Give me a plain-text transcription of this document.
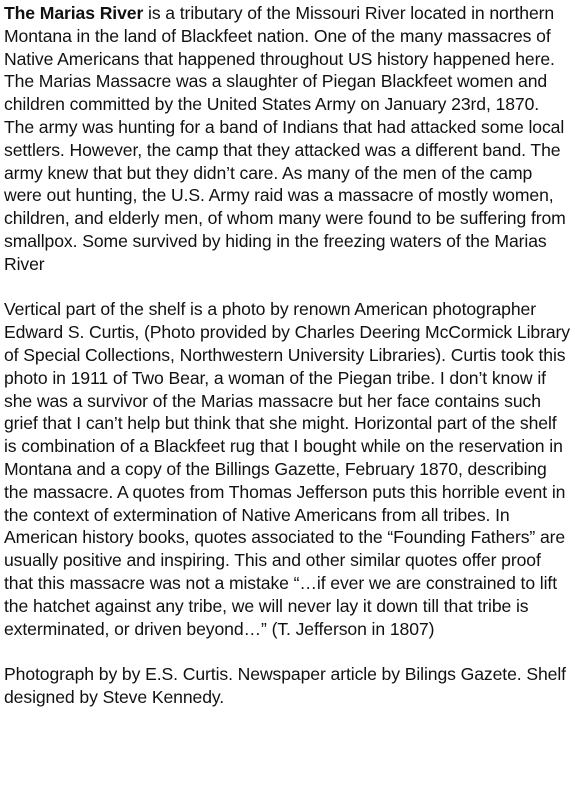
The Marias River is a tributary of the Missouri River located in northern Montana in the land of Blackfeet nation. One of the many massacres of Native Americans that happened throughout US history happened here. The Marias Massacre was a slaughter of Piegan Blackfeet women and children committed by the United States Army on January 23rd, 1870. The army was hunting for a band of Indians that had attacked some local settlers. However, the camp that they attacked was a different band. The army knew that but they didn’t care. As many of the men of the camp were out hunting, the U.S. Army raid was a massacre of mostly women, children, and elderly men, of whom many were found to be suffering from smallpox. Some survived by hiding in the freezing waters of the Marias River

Vertical part of the shelf is a photo by renown American photographer Edward S. Curtis, (Photo provided by Charles Deering McCormick Library of Special Collections, Northwestern University Libraries). Curtis took this photo in 1911 of Two Bear, a woman of the Piegan tribe. I don’t know if she was a survivor of the Marias massacre but her face contains such grief that I can’t help but think that she might. Horizontal part of the shelf is combination of a Blackfeet rug that I bought while on the reservation in Montana and a copy of the Billings Gazette, February 1870, describing the massacre. A quotes from Thomas Jefferson puts this horrible event in the context of extermination of Native Americans from all tribes. In American history books, quotes associated to the “Founding Fathers” are usually positive and inspiring. This and other similar quotes offer proof that this massacre was not a mistake “…if ever we are constrained to lift the hatchet against any tribe, we will never lay it down till that tribe is exterminated, or driven beyond…” (T. Jefferson in 1807)

Photograph by by E.S. Curtis. Newspaper article by Bilings Gazete. Shelf designed by Steve Kennedy.
